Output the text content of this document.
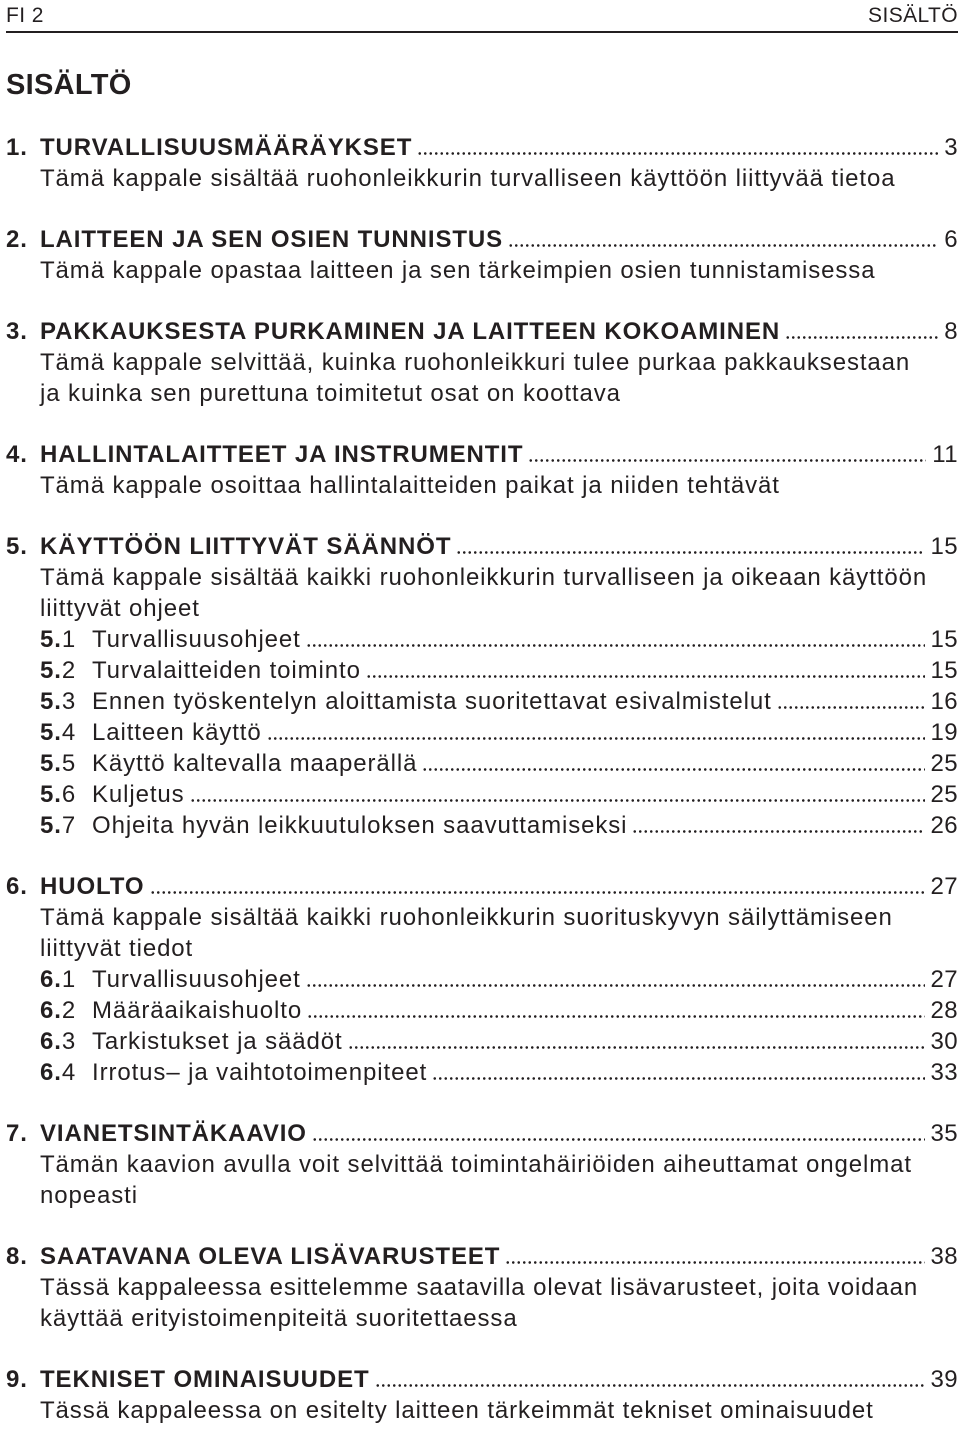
FI 2	SISÄLTÖ
SISÄLTÖ
1. TURVALLISUUSMÄÄRÄYKSET	3
Tämä kappale sisältää ruohonleikkurin turvalliseen käyttöön liittyvää tietoa
2. LAITTEEN JA SEN OSIEN TUNNISTUS	6
Tämä kappale opastaa laitteen ja sen tärkeimpien osien tunnistamisessa
3. PAKKAUKSESTA PURKAMINEN JA LAITTEEN KOKOAMINEN	8
Tämä kappale selvittää, kuinka ruohonleikkuri tulee purkaa pakkauksestaan
ja kuinka sen purettuna toimitetut osat on koottava
4. HALLINTALAITTEET JA INSTRUMENTIT	11
Tämä kappale osoittaa hallintalaitteiden paikat ja niiden tehtävät
5. KÄYTTÖÖN LIITTYVÄT SÄÄNNÖT	15
Tämä kappale sisältää kaikki ruohonleikkurin turvalliseen ja oikeaan käyttöön
liittyvät ohjeet
5.1 Turvallisuusohjeet	15
5.2 Turvalaitteiden toiminto	15
5.3 Ennen työskentelyn aloittamista suoritettavat esivalmistelut	16
5.4 Laitteen käyttö	19
5.5 Käyttö kaltevalla maaperällä	25
5.6 Kuljetus	25
5.7 Ohjeita hyvän leikkuutuloksen saavuttamiseksi	26
6. HUOLTO	27
Tämä kappale sisältää kaikki ruohonleikkurin suorituskyvyn säilyttämiseen
liittyvät tiedot
6.1 Turvallisuusohjeet	27
6.2 Määräaikaishuolto	28
6.3 Tarkistukset ja säädöt	30
6.4 Irrotus– ja vaihtotoimenpiteet	33
7. VIANETSINTÄKAAVIO	35
Tämän kaavion avulla voit selvittää toimintahäiriöiden aiheuttamat ongelmat
nopeasti
8. SAATAVANA OLEVA LISÄVARUSTEET	38
Tässä kappaleessa esittelemme saatavilla olevat lisävarusteet, joita voidaan
käyttää erityistoimenpiteitä suoritettaessa
9. TEKNISET OMINAISUUDET	39
Tässä kappaleessa on esitelty laitteen tärkeimmät tekniset ominaisuudet
